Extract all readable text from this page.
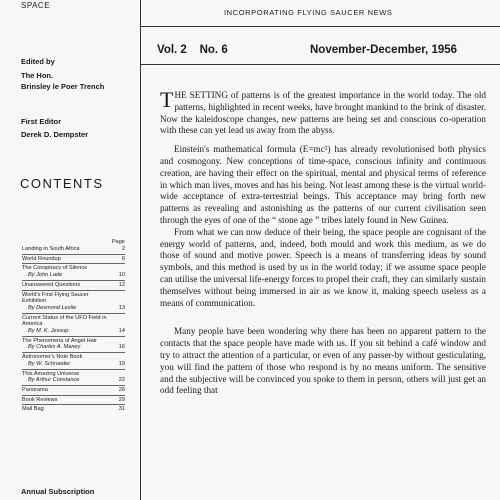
SPACE
Edited by
The Hon.
Brinsley le Poer Trench
First Editor
Derek D. Dempster
CONTENTS
Page
Landing in South Africa	2
World Roundup	6
The Conspiracy of Silence
By John Lade	10
Unanswered Questions	12
World's First Flying Saucer Exhibition
By Desmond Leslie	13
Current Status of the UFO Field in America
By M. K. Jessup	14
The Phenomena of Angel Hair
By Charles A. Maney	16
Astronomer's Note Book
By W. Schroeder	19
This Amazing Universe
By Arthur Constance	22
Panorama	26
Book Reviews	29
Mail Bag	31
Annual Subscription
INCORPORATING FLYING SAUCER NEWS
Vol. 2    No. 6	November-December, 1956

THE SETTING of patterns is of the greatest importance in the world today. The old patterns, highlighted in recent weeks, have brought mankind to the brink of disaster. Now the kaleidoscope changes, new patterns are being set and conscious co-operation with these can yet lead us away from the abyss.

Einstein's mathematical formula (E=mc²) has already revolutionised both physics and cosmogony. New conceptions of time-space, conscious infinity and continuous creation, are having their effect on the spiritual, mental and physical terms of reference in which man lives, moves and has his being. Not least among these is the virtual world-wide acceptance of extra-terrestrial beings. This acceptance may bring forth new patterns as revealing and astonishing as the patterns of our current civilisation seen through the eyes of one of the “ stone age ” tribes lately found in New Guinea.

From what we can now deduce of their being, the space people are cognisant of the energy world of patterns, and, indeed, both mould and work this medium, as we do those of sound and motive power. Speech is a means of transferring ideas by sound symbols, and this method is used by us in the world today; if we assume space people can utilise the universal life-energy forces to propel their craft, they can similarly sustain themselves without being immersed in air as we know it, making speech useless as a means of communication.

Many people have been wondering why there has been no apparent pattern to the contacts that the space people have made with us. If you sit behind a café window and try to attract the attention of a particular, or even of any passer-by without gesticulating, you will find the pattern of those who respond is by no means uniform. The sensitive and the subjective will be convinced you spoke to them in person, others will just get an odd feeling that
